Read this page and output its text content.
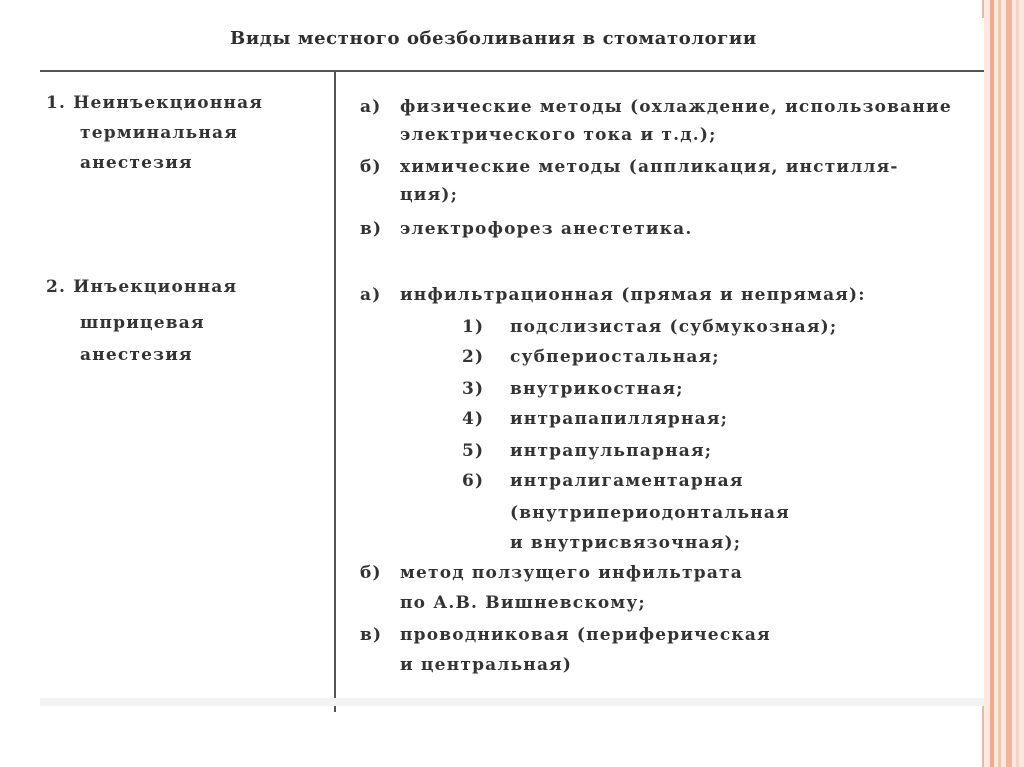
Виды местного обезболивания в стоматологии
1. Неинъекционная
терминальная
анестезия
2. Инъекционная
шприцевая
анестезия
а) физические методы (охлаждение, использование
электрического тока и т.д.);
б) химические методы (аппликация, инстилля-
ция);
в) электрофорез анестетика.
а) инфильтрационная (прямая и непрямая):
1) подслизистая (субмукозная);
2) субпериостальная;
3) внутрикостная;
4) интрапапиллярная;
5) интрапульпарная;
6) интралигаментарная
(внутрипериодонтальная
и внутрисвязочная);
б) метод ползущего инфильтрата
по А.В. Вишневскому;
в) проводниковая (периферическая
и центральная)
